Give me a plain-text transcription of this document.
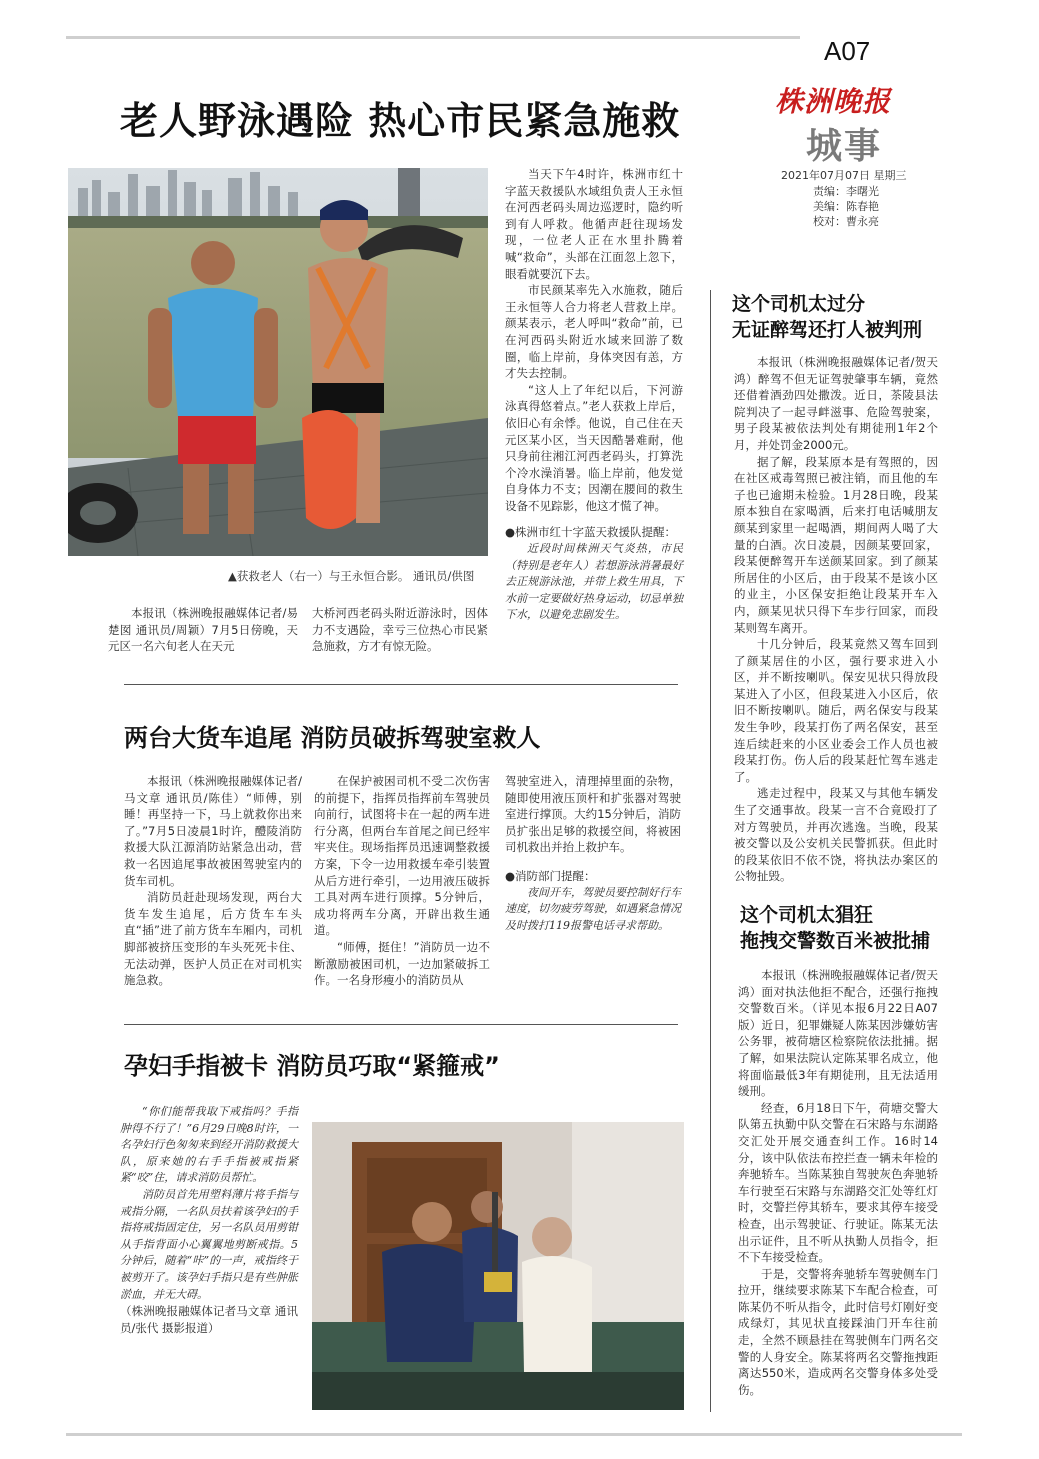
A07
株洲晚报
城事
2021年07月07日 星期三
责编：李曙光
美编：陈春艳
校对：曹永亮
老人野泳遇险 热心市民紧急施救
▲获救老人（右一）与王永恒合影。 通讯员/供图

本报讯（株洲晚报融媒体记者/易楚囡 通讯员/周颖）7月5日傍晚，天元区一名六旬老人在天元

大桥河西老码头附近游泳时，因体力不支遇险，幸亏三位热心市民紧急施救，方才有惊无险。

当天下午4时许，株洲市红十字蓝天救援队水域组负责人王永恒在河西老码头周边巡逻时，隐约听到有人呼救。他循声赶往现场发现，一位老人正在水里扑腾着喊“救命”，头部在江面忽上忽下，眼看就要沉下去。

市民颜某率先入水施救，随后王永恒等人合力将老人营救上岸。颜某表示，老人呼叫“救命”前，已在河西码头附近水域来回游了数圈，临上岸前，身体突因有恙，方才失去控制。

“这人上了年纪以后，下河游泳真得悠着点。”老人获救上岸后，依旧心有余悸。他说，自己住在天元区某小区，当天因酷暑难耐，他只身前往湘江河西老码头，打算洗个冷水澡消暑。临上岸前，他发觉自身体力不支；因潮在腰间的救生设备不见踪影，他这才慌了神。

●株洲市红十字蓝天救援队提醒：

近段时间株洲天气炎热，市民（特别是老年人）若想游泳消暑最好去正规游泳池，并带上救生用具，下水前一定要做好热身运动，切忌单独下水，以避免悲剧发生。

两台大货车追尾 消防员破拆驾驶室救人

本报讯（株洲晚报融媒体记者/马文章 通讯员/陈佳）“师傅，别睡！再坚持一下，马上就救你出来了。”7月5日凌晨1时许，醴陵消防救援大队江源消防站紧急出动，营救一名因追尾事故被困驾驶室内的货车司机。

消防员赶赴现场发现，两台大货车发生追尾，后方货车车头直“插”进了前方货车车厢内，司机脚部被挤压变形的车头死死卡住、无法动弹，医护人员正在对司机实施急救。

在保护被困司机不受二次伤害的前提下，指挥员指挥前车驾驶员向前行，试图将卡在一起的两车进行分离，但两台车首尾之间已经牢牢夹住。现场指挥员迅速调整救援方案，下令一边用救援车牵引装置从后方进行牵引，一边用液压破拆工具对两车进行顶撑。5分钟后，成功将两车分离，开辟出救生通道。

“师傅，挺住！”消防员一边不断激励被困司机，一边加紧破拆工作。一名身形瘦小的消防员从

驾驶室进入，清理掉里面的杂物，随即使用液压顶杆和扩张器对驾驶室进行撑顶。大约15分钟后，消防员扩张出足够的救援空间，将被困司机救出并抬上救护车。

●消防部门提醒：

夜间开车，驾驶员要控制好行车速度，切勿疲劳驾驶，如遇紧急情况及时拨打119报警电话寻求帮助。

孕妇手指被卡 消防员巧取“紧箍戒”

“你们能帮我取下戒指吗？手指肿得不行了！”6月29日晚8时许，一名孕妇行色匆匆来到经开消防救援大队，原来她的右手手指被戒指紧紧“咬”住，请求消防员帮忙。

消防员首先用塑料薄片将手指与戒指分隔，一名队员扶着该孕妇的手指将戒指固定住，另一名队员用剪钳从手指背面小心翼翼地剪断戒指。5分钟后，随着“咔”的一声，戒指终于被剪开了。该孕妇手指只是有些肿胀淤血，并无大碍。

（株洲晚报融媒体记者马文章 通讯员/张代 摄影报道）

这个司机太过分
无证醉驾还打人被判刑

本报讯（株洲晚报融媒体记者/贺天鸿）醉驾不但无证驾驶肇事车辆，竟然还借着酒劲四处撒泼。近日，茶陵县法院判决了一起寻衅滋事、危险驾驶案，男子段某被依法判处有期徒刑1年2个月，并处罚金2000元。

据了解，段某原本是有驾照的，因在社区戒毒驾照已被注销，而且他的车子也已逾期未检验。1月28日晚，段某原本独自在家喝酒，后来打电话喊朋友颜某到家里一起喝酒，期间两人喝了大量的白酒。次日凌晨，因颜某要回家，段某便醉驾开车送颜某回家。到了颜某所居住的小区后，由于段某不是该小区的业主，小区保安拒绝让段某开车入内，颜某见状只得下车步行回家，而段某则驾车离开。

十几分钟后，段某竟然又驾车回到了颜某居住的小区，强行要求进入小区，并不断按喇叭。保安见状只得放段某进入了小区，但段某进入小区后，依旧不断按喇叭。随后，两名保安与段某发生争吵，段某打伤了两名保安，甚至连后续赶来的小区业委会工作人员也被段某打伤。伤人后的段某赶忙驾车逃走了。

逃走过程中，段某又与其他车辆发生了交通事故。段某一言不合竟殴打了对方驾驶员，并再次逃逸。当晚，段某被交警以及公安机关民警抓获。但此时的段某依旧不依不饶，将执法办案区的公物扯毁。

这个司机太猖狂
拖拽交警数百米被批捕

本报讯（株洲晚报融媒体记者/贺天鸿）面对执法他拒不配合，还强行拖拽交警数百米。（详见本报6月22日A07版）近日，犯罪嫌疑人陈某因涉嫌妨害公务罪，被荷塘区检察院依法批捕。据了解，如果法院认定陈某罪名成立，他将面临最低3年有期徒刑，且无法适用缓刑。

经查，6月18日下午，荷塘交警大队第五执勤中队交警在石宋路与东湖路交汇处开展交通查纠工作。16时14分，该中队依法布控拦查一辆未年检的奔驰轿车。当陈某独自驾驶灰色奔驰轿车行驶至石宋路与东湖路交汇处等红灯时，交警拦停其轿车，要求其停车接受检查，出示驾驶证、行驶证。陈某无法出示证件，且不听从执勤人员指令，拒不下车接受检查。

于是，交警将奔驰轿车驾驶侧车门拉开，继续要求陈某下车配合检查，可陈某仍不听从指令，此时信号灯刚好变成绿灯，其见状直接踩油门开车往前走，全然不顾悬挂在驾驶侧车门两名交警的人身安全。陈某将两名交警拖拽距离达550米，造成两名交警身体多处受伤。
